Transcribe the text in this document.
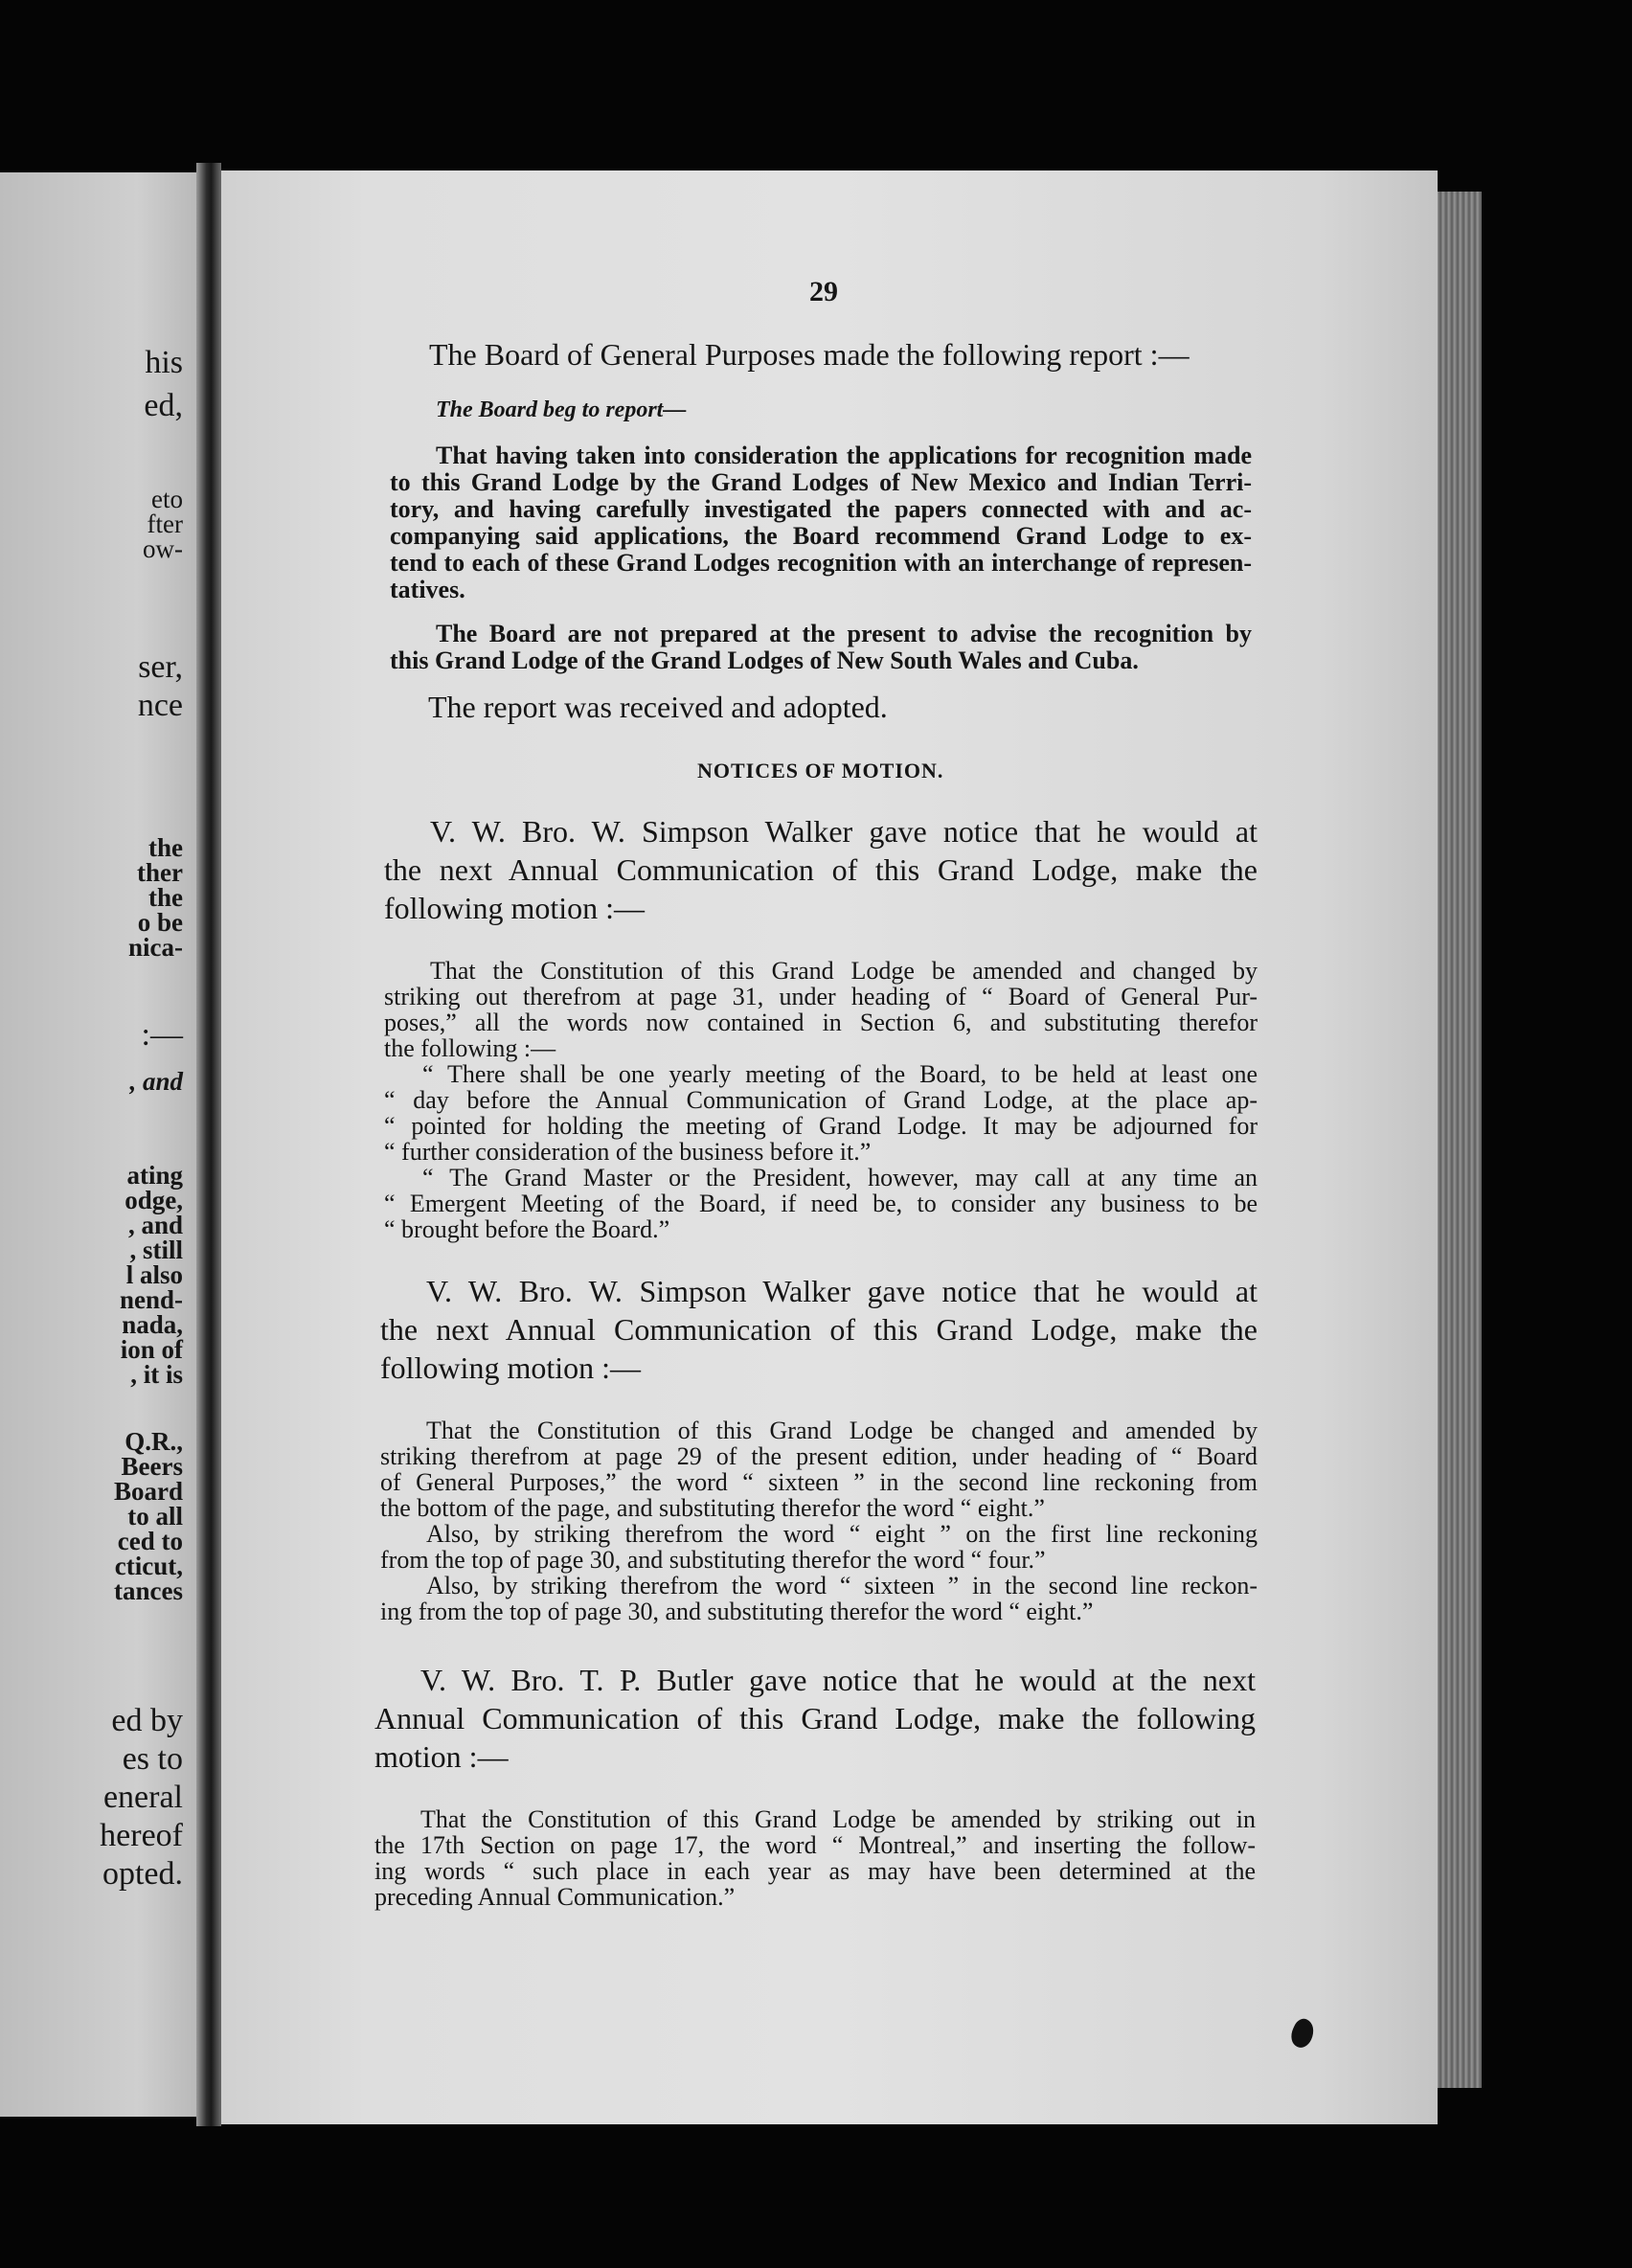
his
ed,
eto
fter
ow-
ser,
nce
the
ther
the
o be
nica-
:—
, and
ating
odge,
, and
, still
l also
nend-
nada,
ion of
, it is
Q.R.,
Beers
Board
to all
ced to
cticut,
tances
ed by
es to
eneral
hereof
opted.
29
The Board of General Purposes made the following report :—
The Board beg to report—
That having taken into consideration the applications for recognition made
to this Grand Lodge by the Grand Lodges of New Mexico and Indian Terri-
tory, and having carefully investigated the papers connected with and ac-
companying said applications, the Board recommend Grand Lodge to ex-
tend to each of these Grand Lodges recognition with an interchange of represen-
tatives.
The Board are not prepared at the present to advise the recognition by
this Grand Lodge of the Grand Lodges of New South Wales and Cuba.
The report was received and adopted.
NOTICES OF MOTION.
V. W. Bro. W. Simpson Walker gave notice that he would at
the next Annual Communication of this Grand Lodge, make the
following motion :—
That the Constitution of this Grand Lodge be amended and changed by
striking out therefrom at page 31, under heading of “ Board of General Pur-
poses,” all the words now contained in Section 6, and substituting therefor
the following :—
“ There shall be one yearly meeting of the Board, to be held at least one
“ day before the Annual Communication of Grand Lodge, at the place ap-
“ pointed for holding the meeting of Grand Lodge. It may be adjourned for
“ further consideration of the business before it.”
“ The Grand Master or the President, however, may call at any time an
“ Emergent Meeting of the Board, if need be, to consider any business to be
“ brought before the Board.”
V. W. Bro. W. Simpson Walker gave notice that he would at
the next Annual Communication of this Grand Lodge, make the
following motion :—
That the Constitution of this Grand Lodge be changed and amended by
striking therefrom at page 29 of the present edition, under heading of “ Board
of General Purposes,” the word “ sixteen ” in the second line reckoning from
the bottom of the page, and substituting therefor the word “ eight.”
Also, by striking therefrom the word “ eight ” on the first line reckoning
from the top of page 30, and substituting therefor the word “ four.”
Also, by striking therefrom the word “ sixteen ” in the second line reckon-
ing from the top of page 30, and substituting therefor the word “ eight.”
V. W. Bro. T. P. Butler gave notice that he would at the next
Annual Communication of this Grand Lodge, make the following
motion :—
That the Constitution of this Grand Lodge be amended by striking out in
the 17th Section on page 17, the word “ Montreal,” and inserting the follow-
ing words “ such place in each year as may have been determined at the
preceding Annual Communication.”
